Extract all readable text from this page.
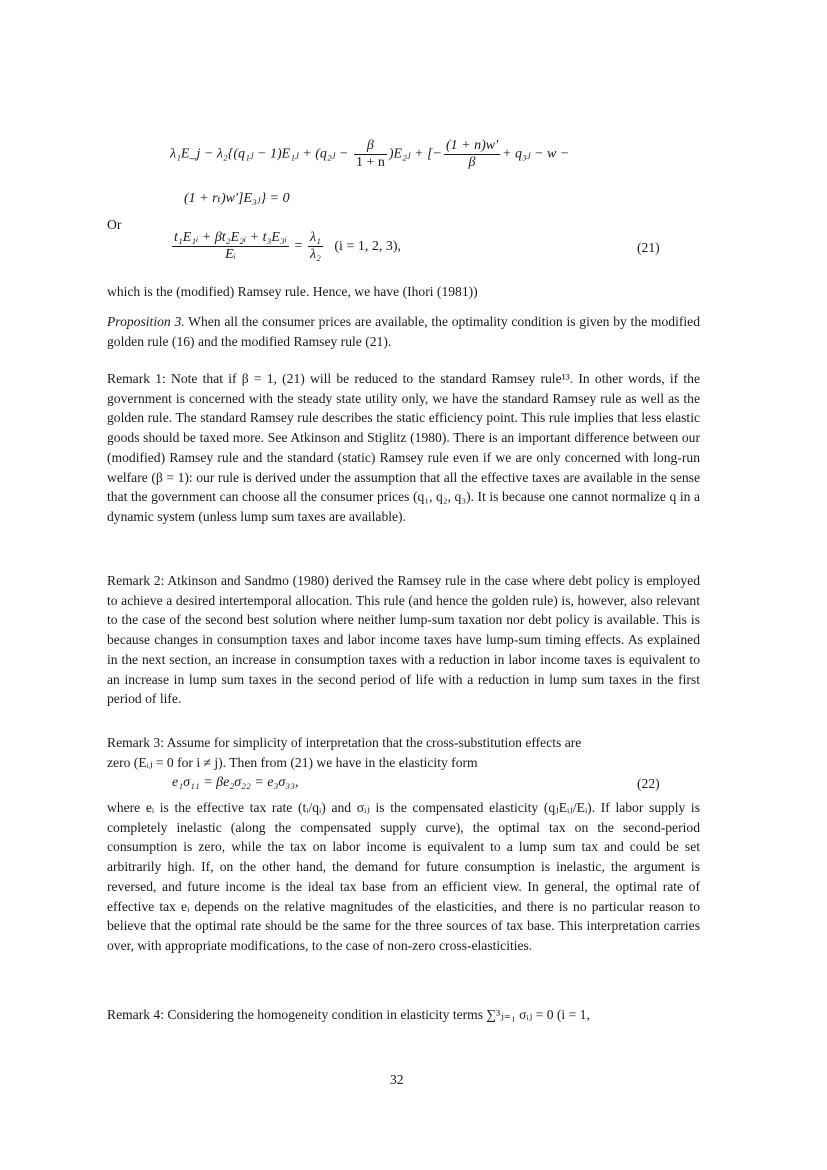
λ₁E_j − λ₂{(q₁ⱼ − 1)E₁ⱼ + (q₂ⱼ − $\frac{\beta}{1 + n}$ )E₂ⱼ + [− $\frac{(1 + n)w'}{\beta}$ + q₃ⱼ − w −
(1 + rₜ)w']E₃ⱼ} = 0
Or
$\frac{\text{t₁E₁ᵢ + βt₂E₂ᵢ + t₃E₃ᵢ}}{\text{Eᵢ}} = \frac{\text{λ₁}}{\text{λ₂}} (i = 1$, 2, 3),	(21)
which is the (modified) Ramsey rule. Hence, we have (Ihori (1981))
Proposition 3. When all the consumer prices are available, the optimality condition is given by the modified golden rule (16) and the modified Ramsey rule (21).
Remark 1: Note that if β = 1, (21) will be reduced to the standard Ramsey rule¹³. In other words, if the government is concerned with the steady state utility only, we have the standard Ramsey rule as well as the golden rule. The standard Ramsey rule describes the static efficiency point. This rule implies that less elastic goods should be taxed more. See Atkinson and Stiglitz (1980). There is an important difference between our (modified) Ramsey rule and the standard (static) Ramsey rule even if we are only concerned with long-run welfare (β = 1): our rule is derived under the assumption that all the effective taxes are available in the sense that the government can choose all the consumer prices (q₁, q₂, q₃). It is because one cannot normalize q in a dynamic system (unless lump sum taxes are available).
Remark 2: Atkinson and Sandmo (1980) derived the Ramsey rule in the case where debt policy is employed to achieve a desired intertemporal allocation. This rule (and hence the golden rule) is, however, also relevant to the case of the second best solution where neither lump-sum taxation nor debt policy is available. This is because changes in consumption taxes and labor income taxes have lump-sum timing effects. As explained in the next section, an increase in consumption taxes with a reduction in labor income taxes is equivalent to an increase in lump sum taxes in the second period of life with a reduction in lump sum taxes in the first period of life.
Remark 3: Assume for simplicity of interpretation that the cross-substitution effects are
zero (Eᵢⱼ = 0 for i ≠ j). Then from (21) we have in the elasticity form
e₁σ₁₁ = βe₂σ₂₂ = e₃σ₃₃,	(22)
where eᵢ is the effective tax rate (tᵢ/qᵢ) and σᵢⱼ is the compensated elasticity (qⱼEᵢⱼ/Eᵢ). If labor supply is completely inelastic (along the compensated supply curve), the optimal tax on the second-period consumption is zero, while the tax on labor income is equivalent to a lump sum tax and could be set arbitrarily high. If, on the other hand, the demand for future consumption is inelastic, the argument is reversed, and future income is the ideal tax base from an efficient view. In general, the optimal rate of effective tax eᵢ depends on the relative magnitudes of the elasticities, and there is no particular reason to believe that the optimal rate should be the same for the three sources of tax base. This interpretation carries over, with appropriate modifications, to the case of non-zero cross-elasticities.
Remark 4: Considering the homogeneity condition in elasticity terms ∑³ⱼ₌₁ σᵢⱼ = 0 (i = 1,
32
